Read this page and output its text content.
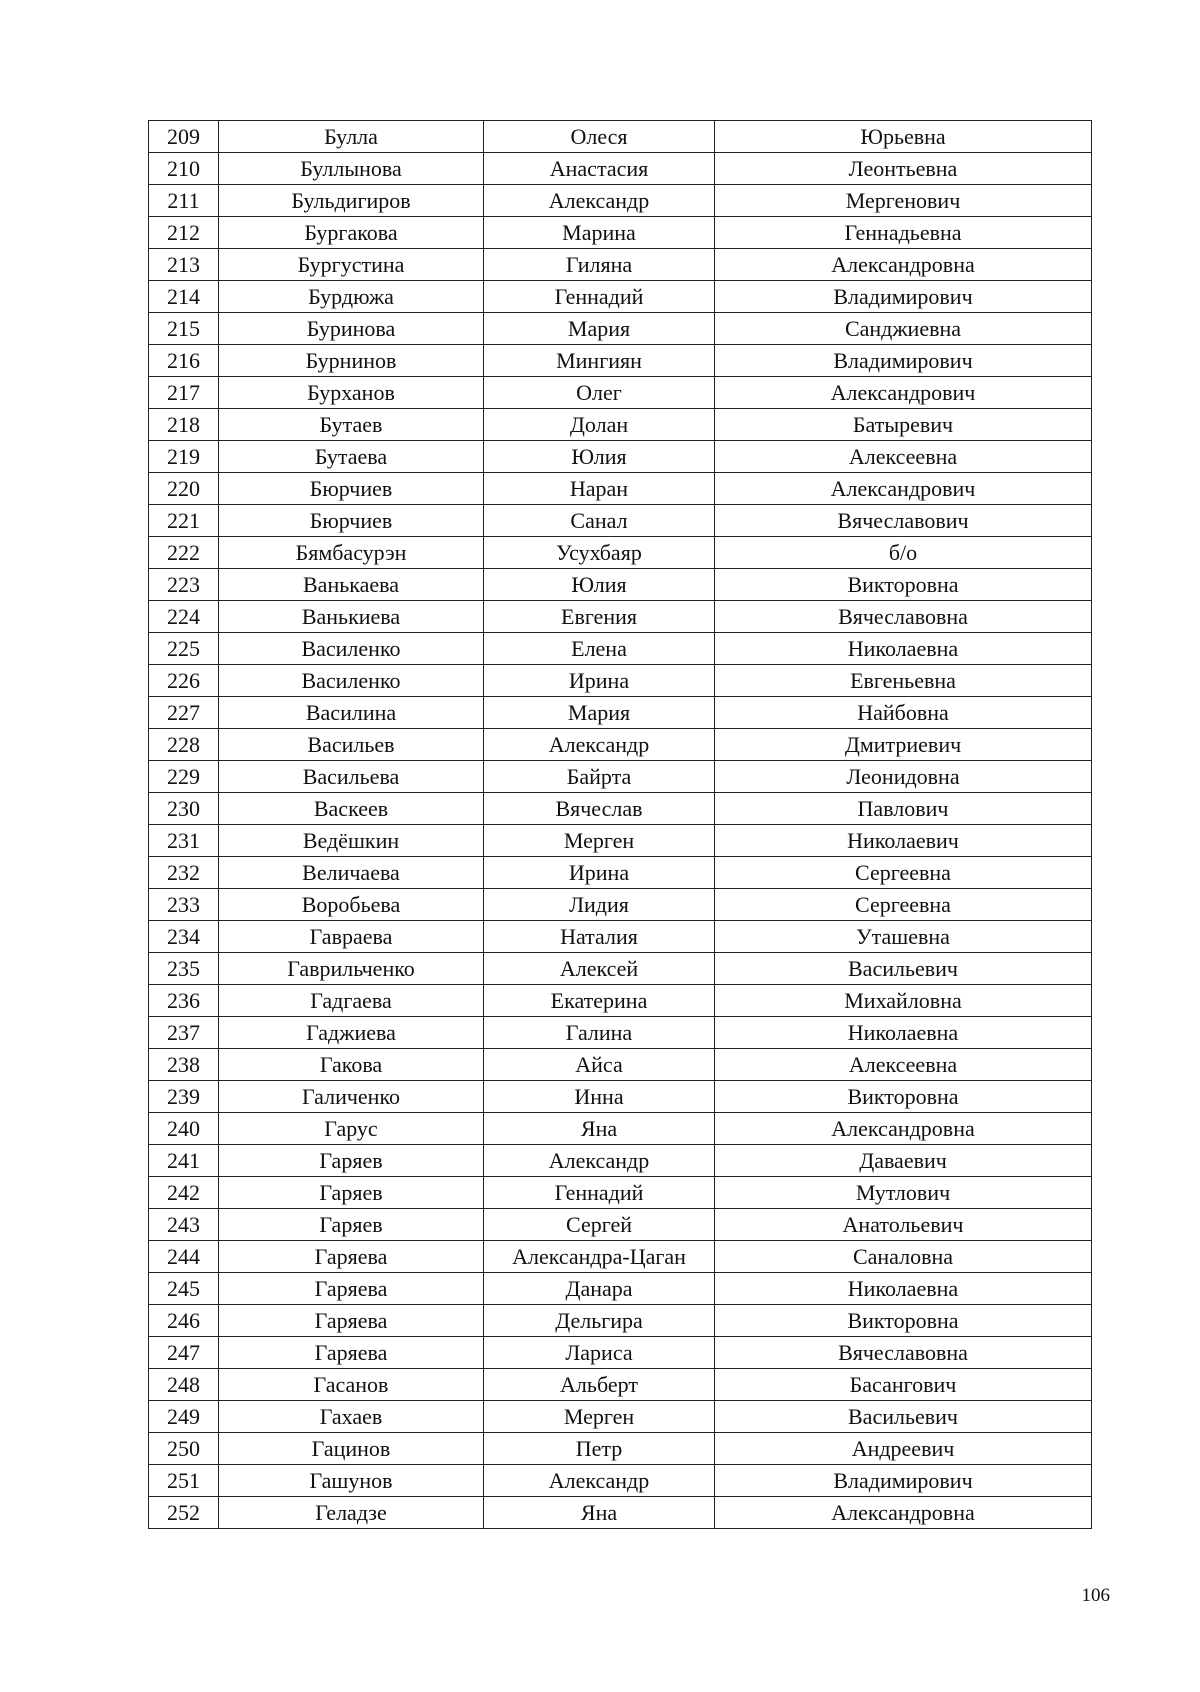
209	Булла	Олеся	Юрьевна
210	Буллынова	Анастасия	Леонтьевна
211	Бульдигиров	Александр	Мергенович
212	Бургакова	Марина	Геннадьевна
213	Бургустина	Гиляна	Александровна
214	Бурдюжа	Геннадий	Владимирович
215	Буринова	Мария	Санджиевна
216	Бурнинов	Мингиян	Владимирович
217	Бурханов	Олег	Александрович
218	Бутаев	Долан	Батыревич
219	Бутаева	Юлия	Алексеевна
220	Бюрчиев	Наран	Александрович
221	Бюрчиев	Санал	Вячеславович
222	Бямбасурэн	Усухбаяр	б/о
223	Ванькаева	Юлия	Викторовна
224	Ванькиева	Евгения	Вячеславовна
225	Василенко	Елена	Николаевна
226	Василенко	Ирина	Евгеньевна
227	Василина	Мария	Найбовна
228	Васильев	Александр	Дмитриевич
229	Васильева	Байрта	Леонидовна
230	Васкеев	Вячеслав	Павлович
231	Ведёшкин	Мерген	Николаевич
232	Величаева	Ирина	Сергеевна
233	Воробьева	Лидия	Сергеевна
234	Гавраева	Наталия	Уташевна
235	Гаврильченко	Алексей	Васильевич
236	Гадгаева	Екатерина	Михайловна
237	Гаджиева	Галина	Николаевна
238	Гакова	Айса	Алексеевна
239	Галиченко	Инна	Викторовна
240	Гарус	Яна	Александровна
241	Гаряев	Александр	Даваевич
242	Гаряев	Геннадий	Мутлович
243	Гаряев	Сергей	Анатольевич
244	Гаряева	Александра-Цаган	Саналовна
245	Гаряева	Данара	Николаевна
246	Гаряева	Дельгира	Викторовна
247	Гаряева	Лариса	Вячеславовна
248	Гасанов	Альберт	Басангович
249	Гахаев	Мерген	Васильевич
250	Гацинов	Петр	Андреевич
251	Гашунов	Александр	Владимирович
252	Геладзе	Яна	Александровна
106
